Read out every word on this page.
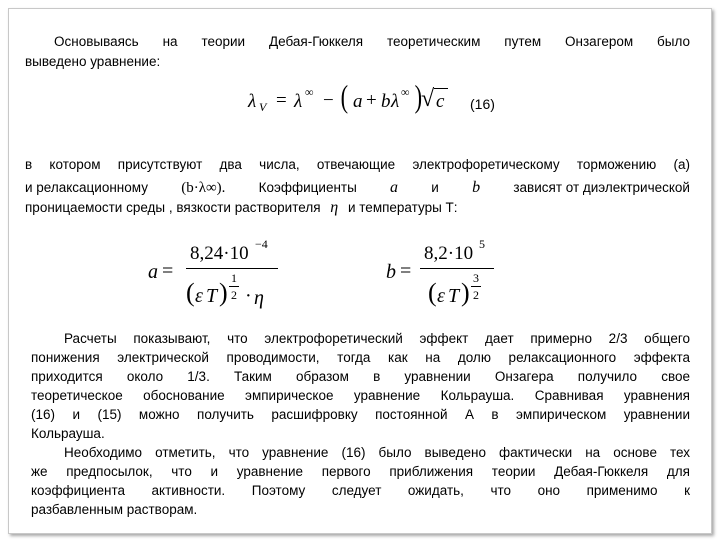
Основываясь на теории Дебая-Гюккеля теоретическим путем Онзагером было
выведено уравнение:
λ V = λ ∞ − ( a + b λ ∞ )
√ c (16)
в котором присутствуют два числа, отвечающие электрофоретическому торможению (а)
и релаксационному (b·λ∞). Коэффициенты а и b зависят от диэлектрической
проницаемости среды , вязкости растворителя η и температуры Т:
a =
8,24·10 −4
( ε T ) 1
2 · η
b =
8,2·10 5
( ε T ) 3
2
Расчеты показывают, что электрофоретический эффект дает примерно 2/3 общего
понижения электрической проводимости, тогда как на долю релаксационного эффекта
приходится около 1/3. Таким образом в уравнении Онзагера получило свое
теоретическое обоснование эмпирическое уравнение Кольрауша. Сравнивая уравнения
(16) и (15) можно получить расшифровку постоянной А в эмпирическом уравнении
Кольрауша.
Необходимо отметить, что уравнение (16) было выведено фактически на основе тех
же предпосылок, что и уравнение первого приближения теории Дебая-Гюккеля для
коэффициента активности. Поэтому следует ожидать, что оно применимо к
разбавленным растворам.
